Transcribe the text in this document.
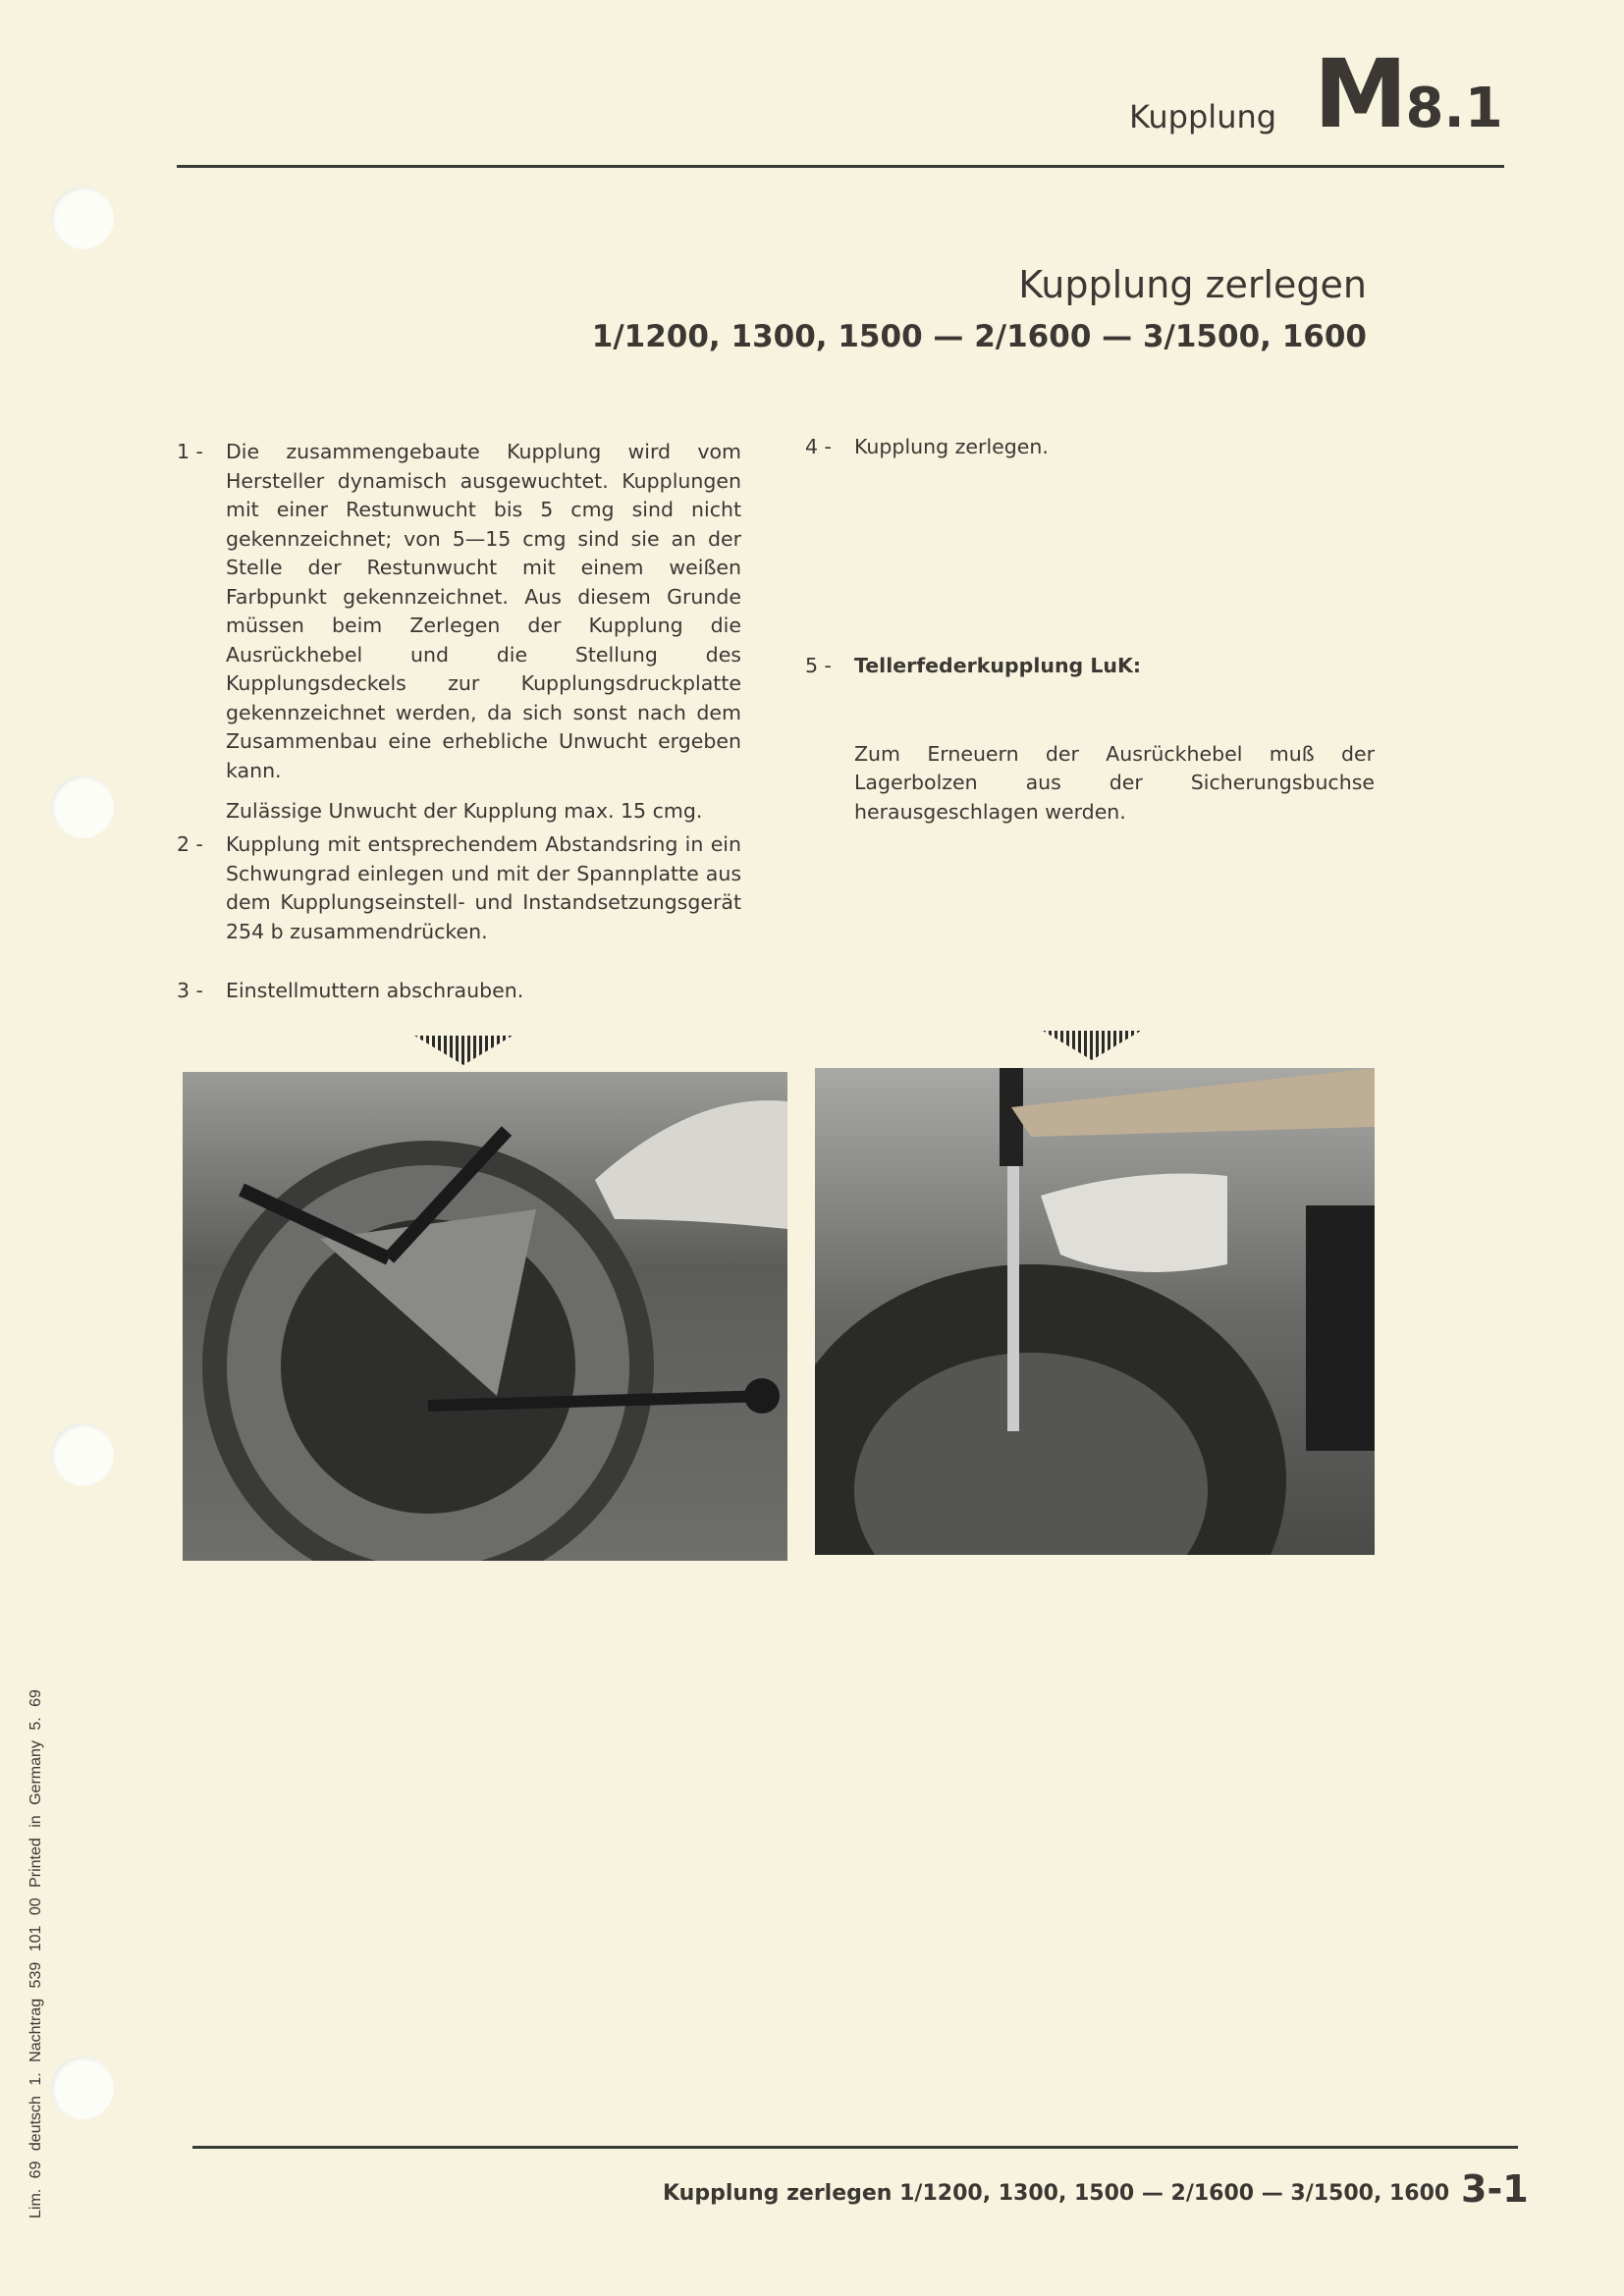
Kupplung M8.1
Kupplung zerlegen
1/1200, 1300, 1500 — 2/1600 — 3/1500, 1600
1 - Die zusammengebaute Kupplung wird vom Hersteller dynamisch ausgewuchtet. Kupplungen mit einer Restunwucht bis 5 cmg sind nicht gekennzeichnet; von 5—15 cmg sind sie an der Stelle der Restunwucht mit einem weißen Farbpunkt gekennzeichnet. Aus diesem Grunde müssen beim Zerlegen der Kupplung die Ausrückhebel und die Stellung des Kupplungsdeckels zur Kupplungsdruckplatte gekennzeichnet werden, da sich sonst nach dem Zusammenbau eine erhebliche Unwucht ergeben kann.
Zulässige Unwucht der Kupplung max. 15 cmg.
2 - Kupplung mit entsprechendem Abstandsring in ein Schwungrad einlegen und mit der Spannplatte aus dem Kupplungseinstell- und Instandsetzungsgerät 254 b zusammendrücken.
3 - Einstellmuttern abschrauben.
4 - Kupplung zerlegen.
5 - Tellerfederkupplung LuK:
Zum Erneuern der Ausrückhebel muß der Lagerbolzen aus der Sicherungsbuchse herausgeschlagen werden.
Lim. 69 deutsch 1. Nachtrag 539 101 00 Printed in Germany 5. 69	Kupplung zerlegen 1/1200, 1300, 1500 — 2/1600 — 3/1500, 1600 3-1
